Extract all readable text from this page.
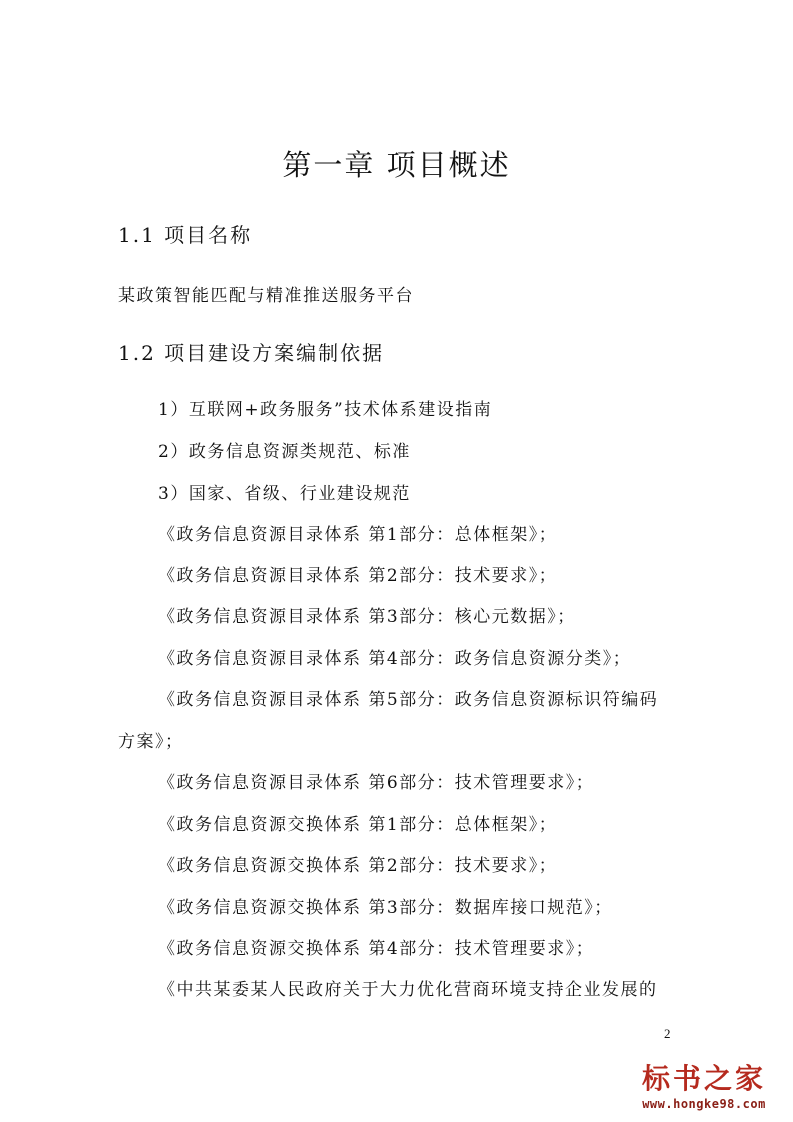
第一章 项目概述
1.1 项目名称

某政策智能匹配与精准推送服务平台

1.2 项目建设方案编制依据

1）互联网+政务服务”技术体系建设指南

2）政务信息资源类规范、标准

3）国家、省级、行业建设规范

《政务信息资源目录体系 第1部分：总体框架》；

《政务信息资源目录体系 第2部分：技术要求》；

《政务信息资源目录体系 第3部分：核心元数据》；

《政务信息资源目录体系 第4部分：政务信息资源分类》；

《政务信息资源目录体系 第5部分：政务信息资源标识符编码

方案》；

《政务信息资源目录体系 第6部分：技术管理要求》；

《政务信息资源交换体系 第1部分：总体框架》；

《政务信息资源交换体系 第2部分：技术要求》；

《政务信息资源交换体系 第3部分：数据库接口规范》；

《政务信息资源交换体系 第4部分：技术管理要求》；

《中共某委某人民政府关于大力优化营商环境支持企业发展的

2
标书之家
www.hongke98.com
